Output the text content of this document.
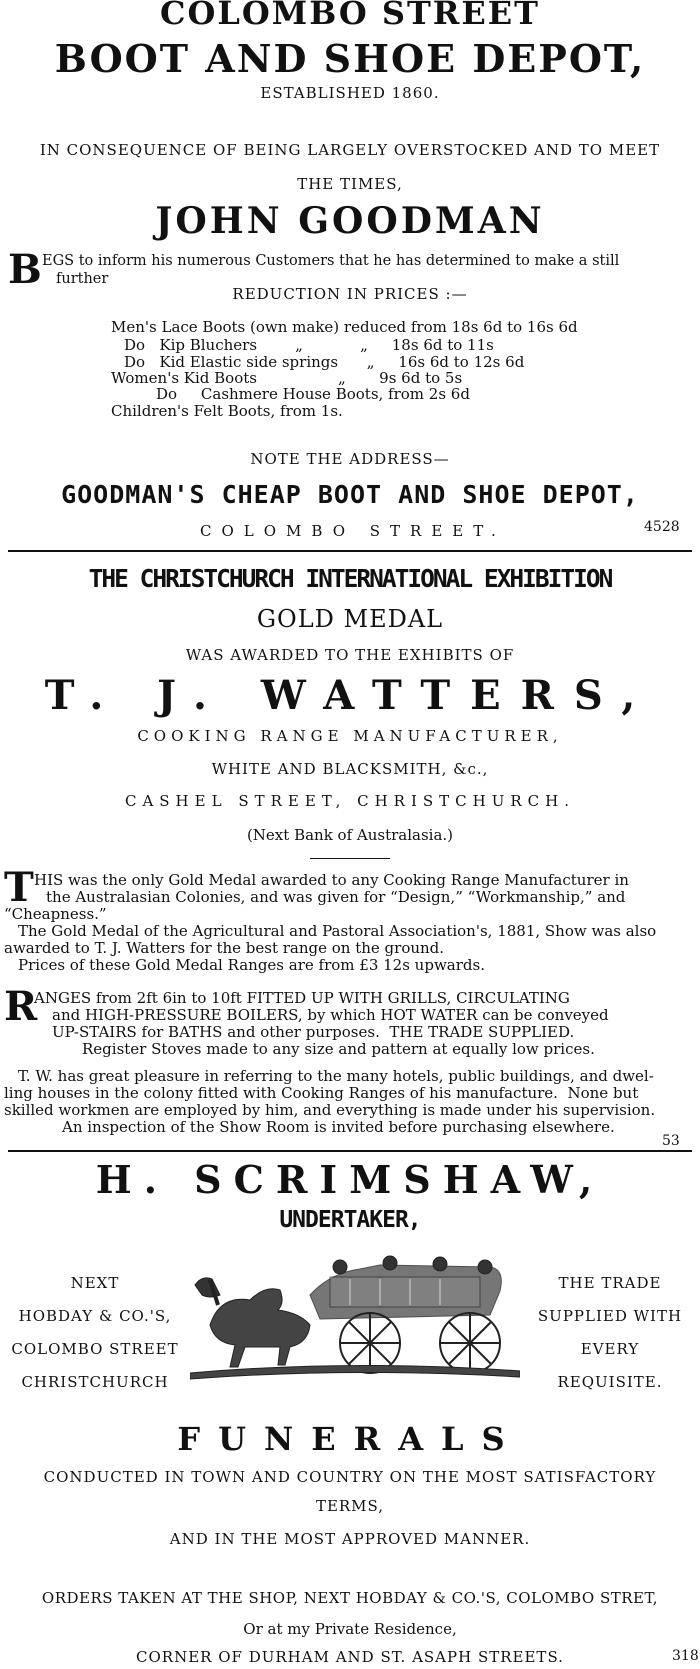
COLOMBO STREET
BOOT AND SHOE DEPOT,
ESTABLISHED 1860.
IN CONSEQUENCE OF BEING LARGELY OVERSTOCKED AND TO MEET
THE TIMES,
JOHN GOODMAN
B EGS to inform his numerous Customers that he has determined to make a still
further
REDUCTION IN PRICES :—
Men's Lace Boots (own make) reduced from 18s 6d to 16s 6d
Do   Kip Bluchers        „            „     18s 6d to 11s
Do   Kid Elastic side springs      „     16s 6d to 12s 6d
Women's Kid Boots                 „       9s 6d to 5s
Do     Cashmere House Boots, from 2s 6d
Children's Felt Boots, from 1s.
NOTE THE ADDRESS—
GOODMAN'S CHEAP BOOT AND SHOE DEPOT,
COLOMBO STREET.	4528
THE CHRISTCHURCH INTERNATIONAL EXHIBITION
GOLD MEDAL
WAS AWARDED TO THE EXHIBITS OF
T. J. WATTERS,
COOKING RANGE MANUFACTURER,
WHITE AND BLACKSMITH, &c.,
CASHEL STREET, CHRISTCHURCH.
(Next Bank of Australasia.)
T HIS was the only Gold Medal awarded to any Cooking Range Manufacturer in
the Australasian Colonies, and was given for “Design,” “Workmanship,” and
“Cheapness.”
The Gold Medal of the Agricultural and Pastoral Association's, 1881, Show was also
awarded to T. J. Watters for the best range on the ground.
Prices of these Gold Medal Ranges are from £3 12s upwards.
R
ANGES from 2ft 6in to 10ft FITTED UP WITH GRILLS, CIRCULATING
and HIGH-PRESSURE BOILERS, by which HOT WATER can be conveyed
UP-STAIRS for BATHS and other purposes.  THE TRADE SUPPLIED.
Register Stoves made to any size and pattern at equally low prices.
T. W. has great pleasure in referring to the many hotels, public buildings, and dwel-
ling houses in the colony fitted with Cooking Ranges of his manufacture.  None but
skilled workmen are employed by him, and everything is made under his supervision.
An inspection of the Show Room is invited before purchasing elsewhere.
53
H. SCRIMSHAW,
UNDERTAKER,
NEXT
HOBDAY & CO.'S,
COLOMBO STREET
CHRISTCHURCH
THE TRADE
SUPPLIED WITH
EVERY
REQUISITE.
FUNERALS
CONDUCTED IN TOWN AND COUNTRY ON THE MOST SATISFACTORY
TERMS,
AND IN THE MOST APPROVED MANNER.
ORDERS TAKEN AT THE SHOP, NEXT HOBDAY & CO.'S, COLOMBO STRET,
Or at my Private Residence,
CORNER OF DURHAM AND ST. ASAPH STREETS.	318
